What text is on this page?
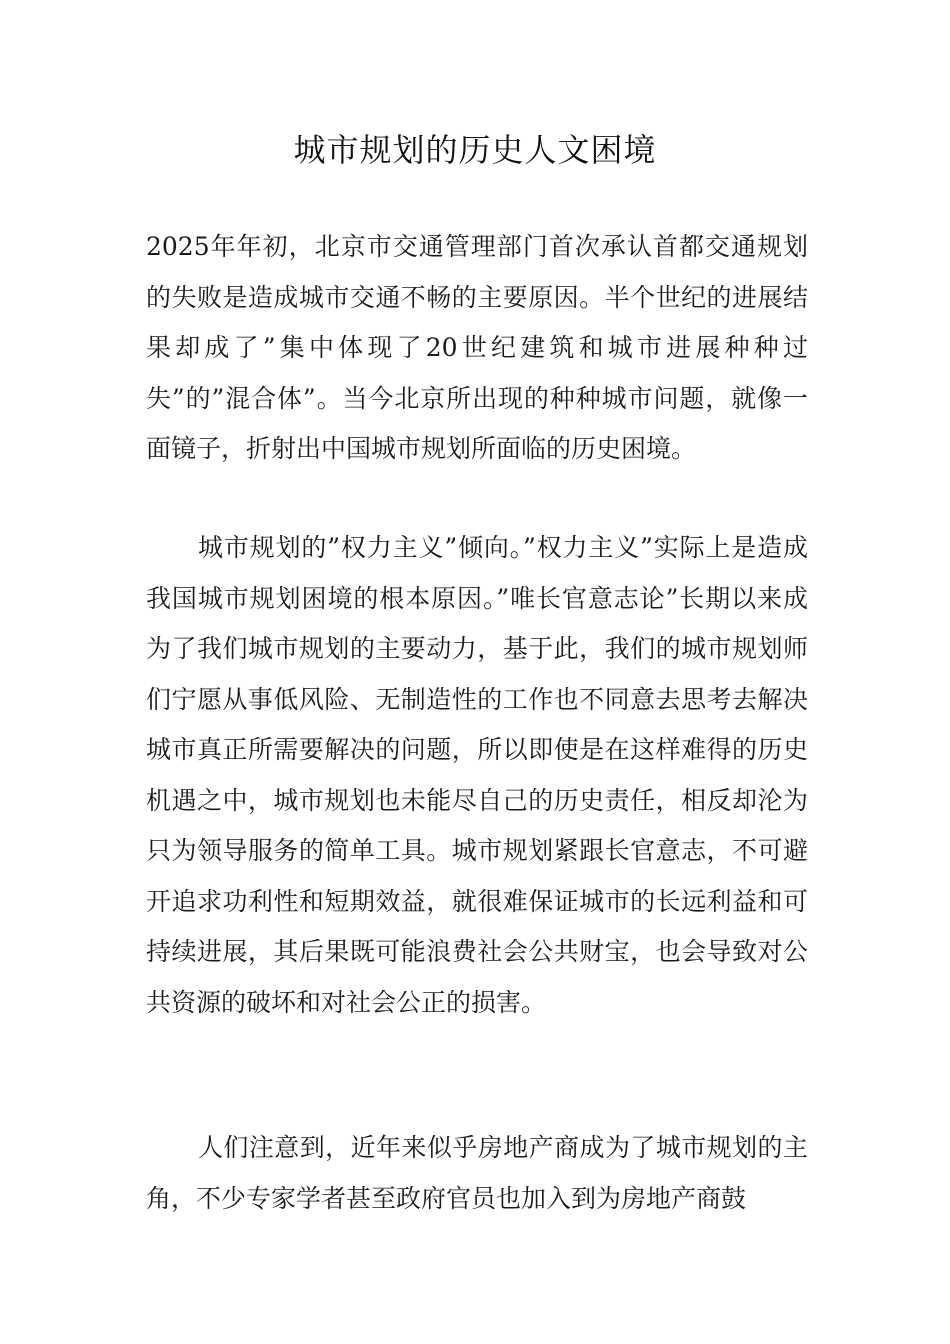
城市规划的历史人文困境

2025年年初，北京市交通管理部门首次承认首都交通规划的失败是造成城市交通不畅的主要原因。半个世纪的进展结果却成了”集中体现了20世纪建筑和城市进展种种过失”的”混合体”。当今北京所出现的种种城市问题，就像一面镜子，折射出中国城市规划所面临的历史困境。

城市规划的”权力主义”倾向。”权力主义”实际上是造成我国城市规划困境的根本原因。”唯长官意志论”长期以来成为了我们城市规划的主要动力，基于此，我们的城市规划师们宁愿从事低风险、无制造性的工作也不同意去思考去解决城市真正所需要解决的问题，所以即使是在这样难得的历史机遇之中，城市规划也未能尽自己的历史责任，相反却沦为只为领导服务的简单工具。城市规划紧跟长官意志，不可避开追求功利性和短期效益，就很难保证城市的长远利益和可持续进展，其后果既可能浪费社会公共财宝，也会导致对公共资源的破坏和对社会公正的损害。

人们注意到，近年来似乎房地产商成为了城市规划的主角，不少专家学者甚至政府官员也加入到为房地产商鼓
